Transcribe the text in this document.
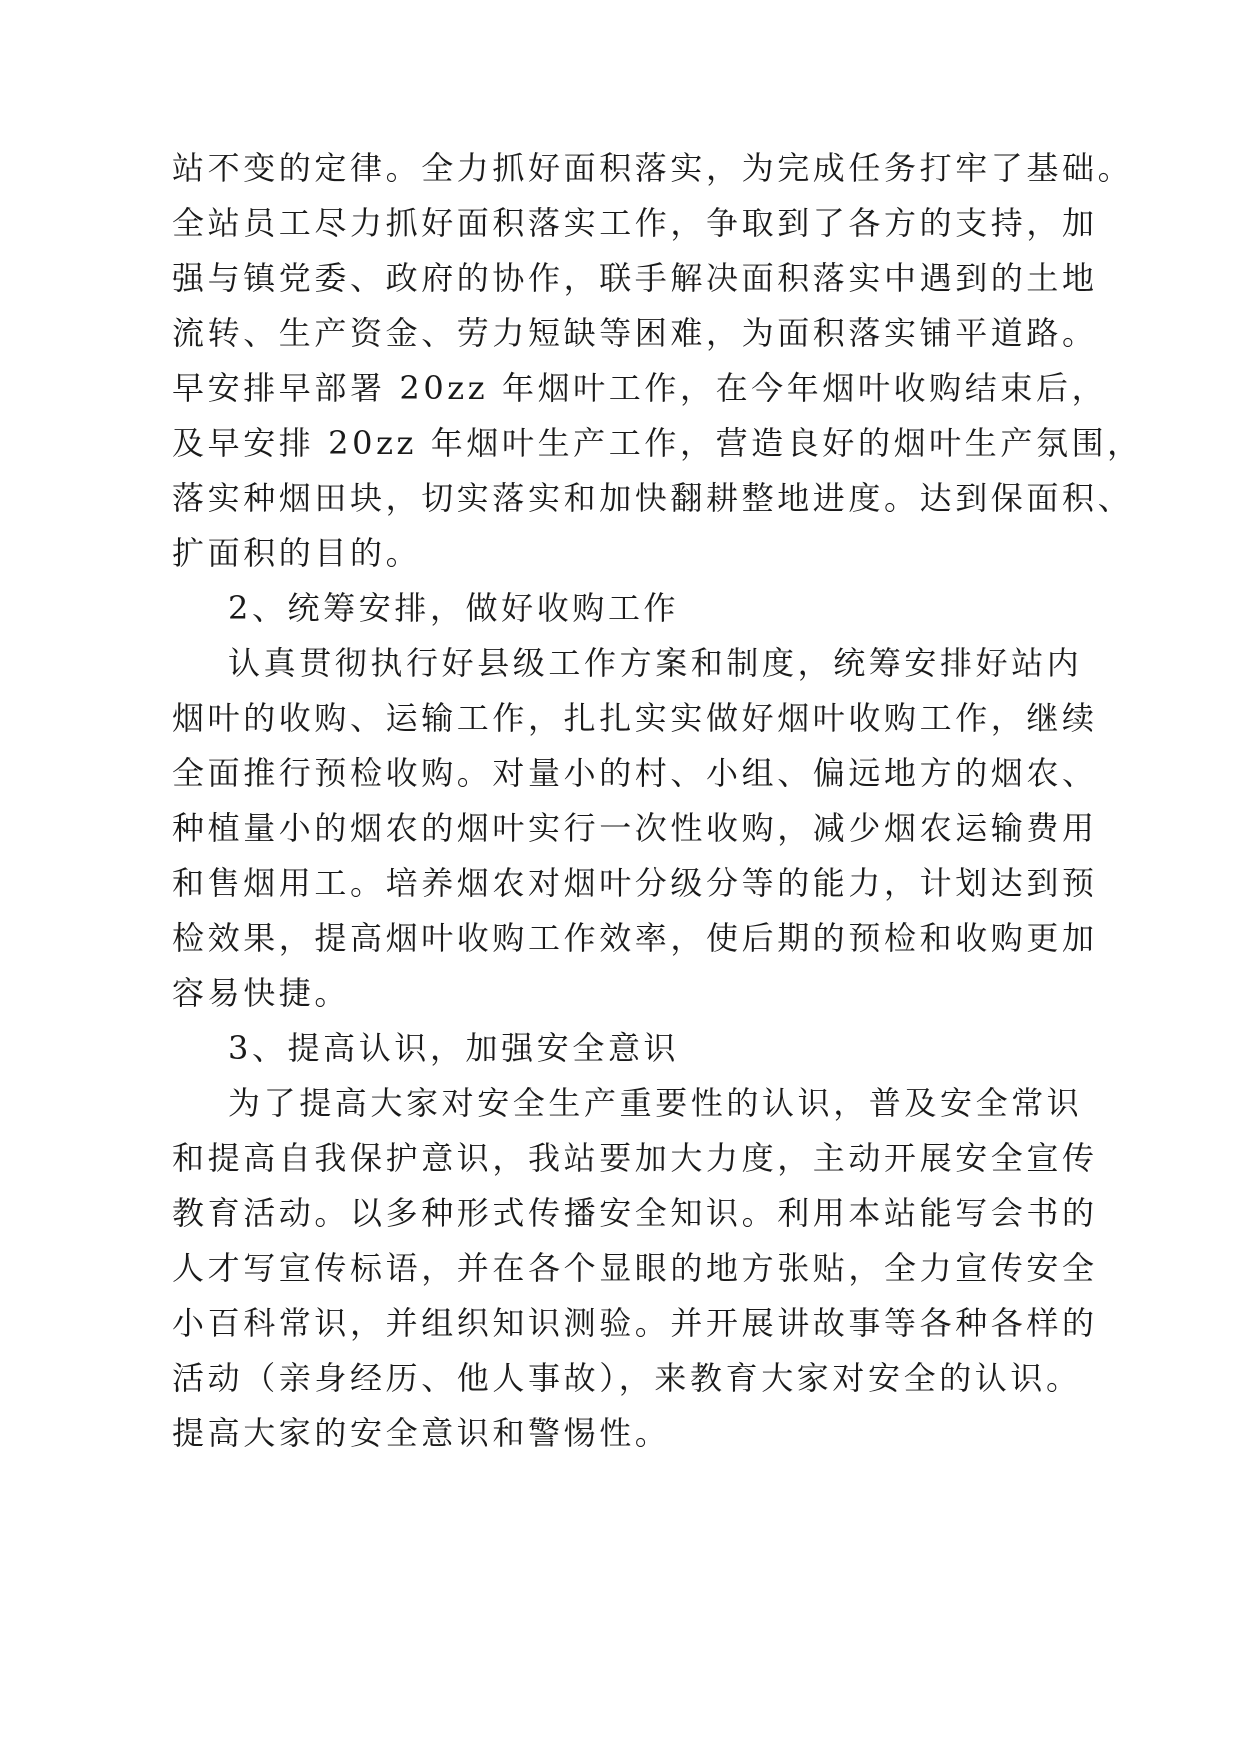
站不变的定律。全力抓好面积落实，为完成任务打牢了基础。
全站员工尽力抓好面积落实工作，争取到了各方的支持，加
强与镇党委、政府的协作，联手解决面积落实中遇到的土地
流转、生产资金、劳力短缺等困难，为面积落实铺平道路。
早安排早部署 20zz 年烟叶工作，在今年烟叶收购结束后，
及早安排 20zz 年烟叶生产工作，营造良好的烟叶生产氛围，
落实种烟田块，切实落实和加快翻耕整地进度。达到保面积、
扩面积的目的。
2、统筹安排，做好收购工作
认真贯彻执行好县级工作方案和制度，统筹安排好站内
烟叶的收购、运输工作，扎扎实实做好烟叶收购工作，继续
全面推行预检收购。对量小的村、小组、偏远地方的烟农、
种植量小的烟农的烟叶实行一次性收购，减少烟农运输费用
和售烟用工。培养烟农对烟叶分级分等的能力，计划达到预
检效果，提高烟叶收购工作效率，使后期的预检和收购更加
容易快捷。
3、提高认识，加强安全意识
为了提高大家对安全生产重要性的认识，普及安全常识
和提高自我保护意识，我站要加大力度，主动开展安全宣传
教育活动。以多种形式传播安全知识。利用本站能写会书的
人才写宣传标语，并在各个显眼的地方张贴，全力宣传安全
小百科常识，并组织知识测验。并开展讲故事等各种各样的
活动（亲身经历、他人事故），来教育大家对安全的认识。
提高大家的安全意识和警惕性。
